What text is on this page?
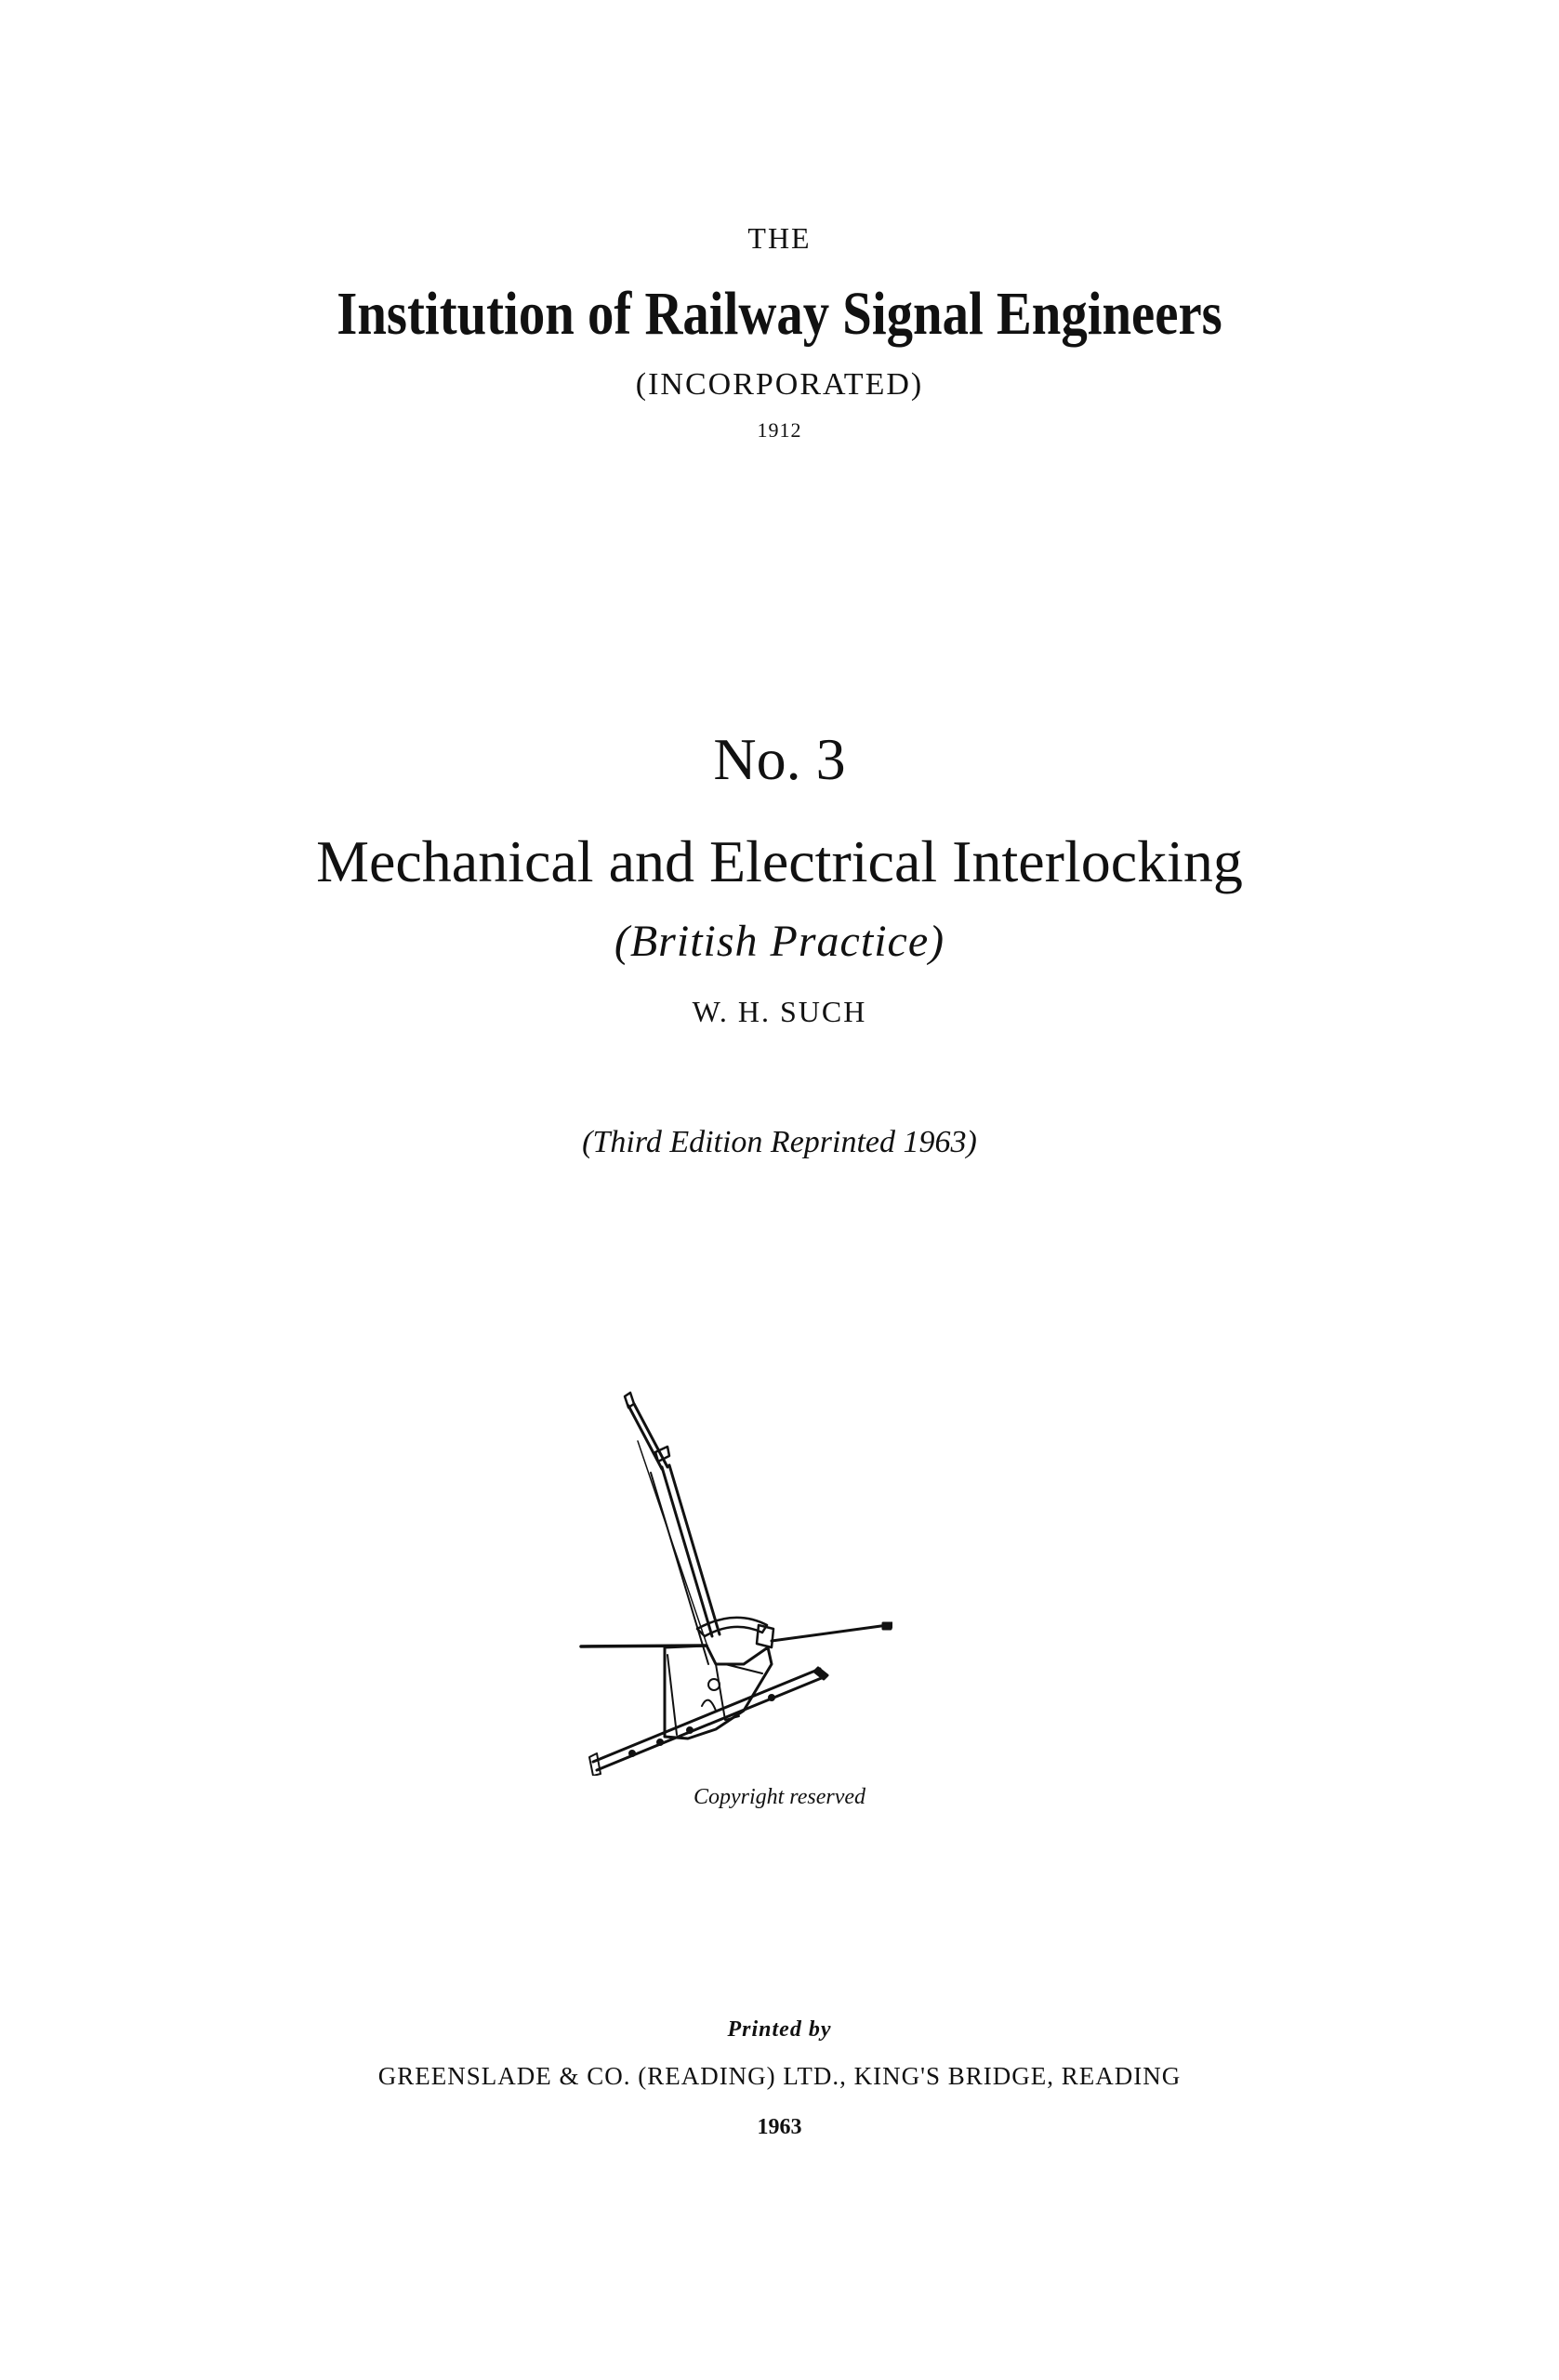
THE
Institution of Railway Signal Engineers
(INCORPORATED)
1912
No. 3
Mechanical and Electrical Interlocking
(British Practice)
W. H. SUCH
(Third Edition Reprinted 1963)
Copyright reserved
Printed by
GREENSLADE & CO. (READING) LTD., KING'S BRIDGE, READING
1963
